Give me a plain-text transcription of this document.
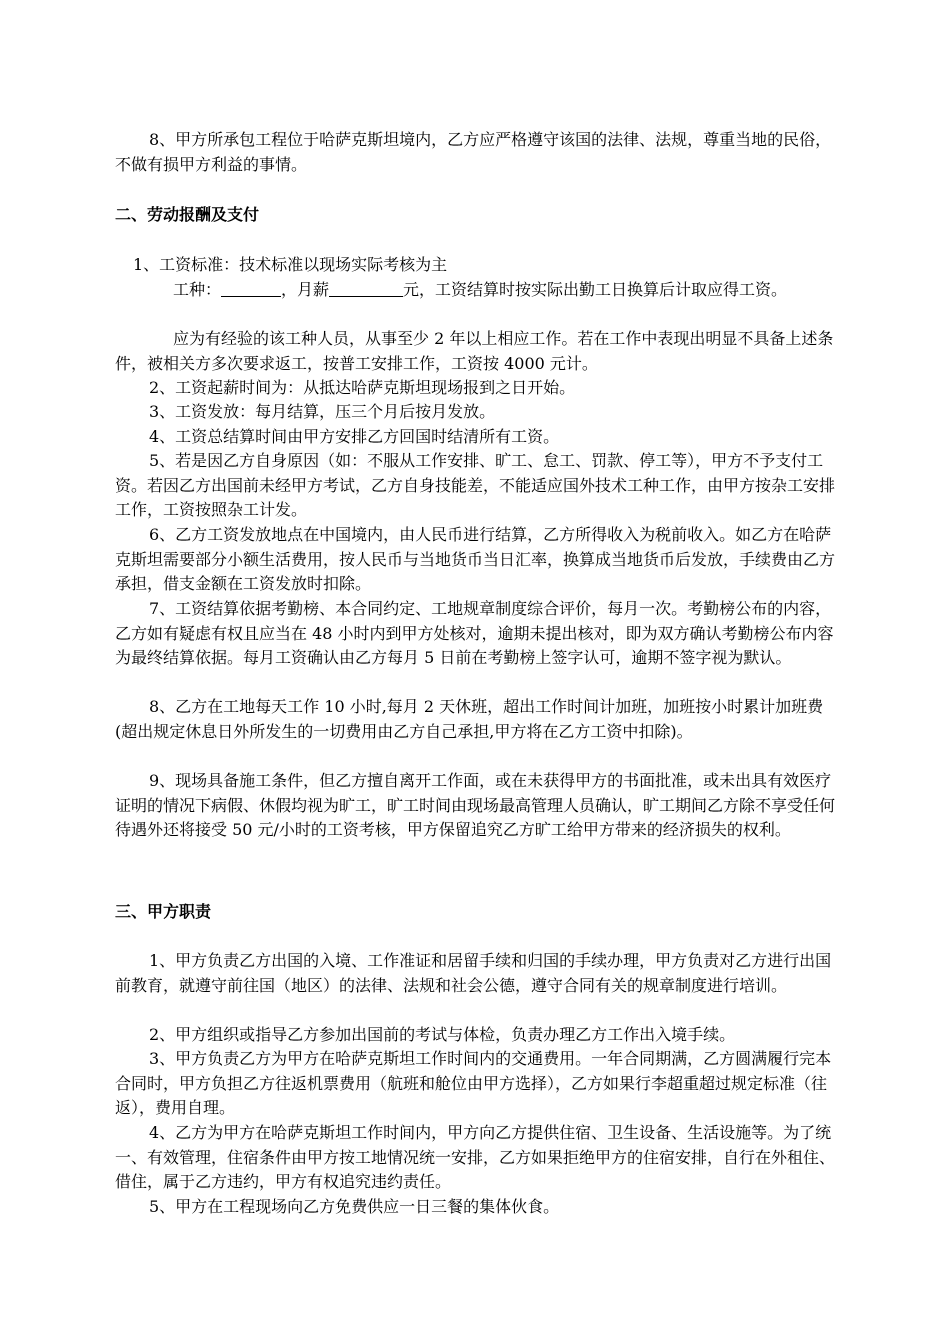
8、甲方所承包工程位于哈萨克斯坦境内，乙方应严格遵守该国的法律、法规，尊重当地的民俗，不做有损甲方利益的事情。

二、劳动报酬及支付

1、工资标准：技术标准以现场实际考核为主

工种：	，月薪	元，工资结算时按实际出勤工日换算后计取应得工资。

应为有经验的该工种人员，从事至少 2 年以上相应工作。若在工作中表现出明显不具备上述条件，被相关方多次要求返工，按普工安排工作，工资按 4000 元计。

2、工资起薪时间为：从抵达哈萨克斯坦现场报到之日开始。

3、工资发放：每月结算，压三个月后按月发放。

4、工资总结算时间由甲方安排乙方回国时结清所有工资。

5、若是因乙方自身原因（如：不服从工作安排、旷工、怠工、罚款、停工等），甲方不予支付工资。若因乙方出国前未经甲方考试，乙方自身技能差，不能适应国外技术工种工作，由甲方按杂工安排工作，工资按照杂工计发。

6、乙方工资发放地点在中国境内，由人民币进行结算，乙方所得收入为税前收入。如乙方在哈萨克斯坦需要部分小额生活费用，按人民币与当地货币当日汇率，换算成当地货币后发放，手续费由乙方承担，借支金额在工资发放时扣除。

7、工资结算依据考勤榜、本合同约定、工地规章制度综合评价，每月一次。考勤榜公布的内容，乙方如有疑虑有权且应当在 48 小时内到甲方处核对，逾期未提出核对，即为双方确认考勤榜公布内容为最终结算依据。每月工资确认由乙方每月 5 日前在考勤榜上签字认可，逾期不签字视为默认。

8、乙方在工地每天工作 10 小时,每月 2 天休班，超出工作时间计加班，加班按小时累计加班费 (超出规定休息日外所发生的一切费用由乙方自己承担,甲方将在乙方工资中扣除)。

9、现场具备施工条件，但乙方擅自离开工作面，或在未获得甲方的书面批准，或未出具有效医疗证明的情况下病假、休假均视为旷工，旷工时间由现场最高管理人员确认，旷工期间乙方除不享受任何待遇外还将接受 50 元/小时的工资考核，甲方保留追究乙方旷工给甲方带来的经济损失的权利。

三、甲方职责

1、甲方负责乙方出国的入境、工作准证和居留手续和归国的手续办理，甲方负责对乙方进行出国前教育，就遵守前往国（地区）的法律、法规和社会公德，遵守合同有关的规章制度进行培训。

2、甲方组织或指导乙方参加出国前的考试与体检，负责办理乙方工作出入境手续。

3、甲方负责乙方为甲方在哈萨克斯坦工作时间内的交通费用。一年合同期满，乙方圆满履行完本合同时，甲方负担乙方往返机票费用（航班和舱位由甲方选择），乙方如果行李超重超过规定标准（往返），费用自理。

4、乙方为甲方在哈萨克斯坦工作时间内，甲方向乙方提供住宿、卫生设备、生活设施等。为了统一、有效管理，住宿条件由甲方按工地情况统一安排，乙方如果拒绝甲方的住宿安排，自行在外租住、借住，属于乙方违约，甲方有权追究违约责任。

5、甲方在工程现场向乙方免费供应一日三餐的集体伙食。
